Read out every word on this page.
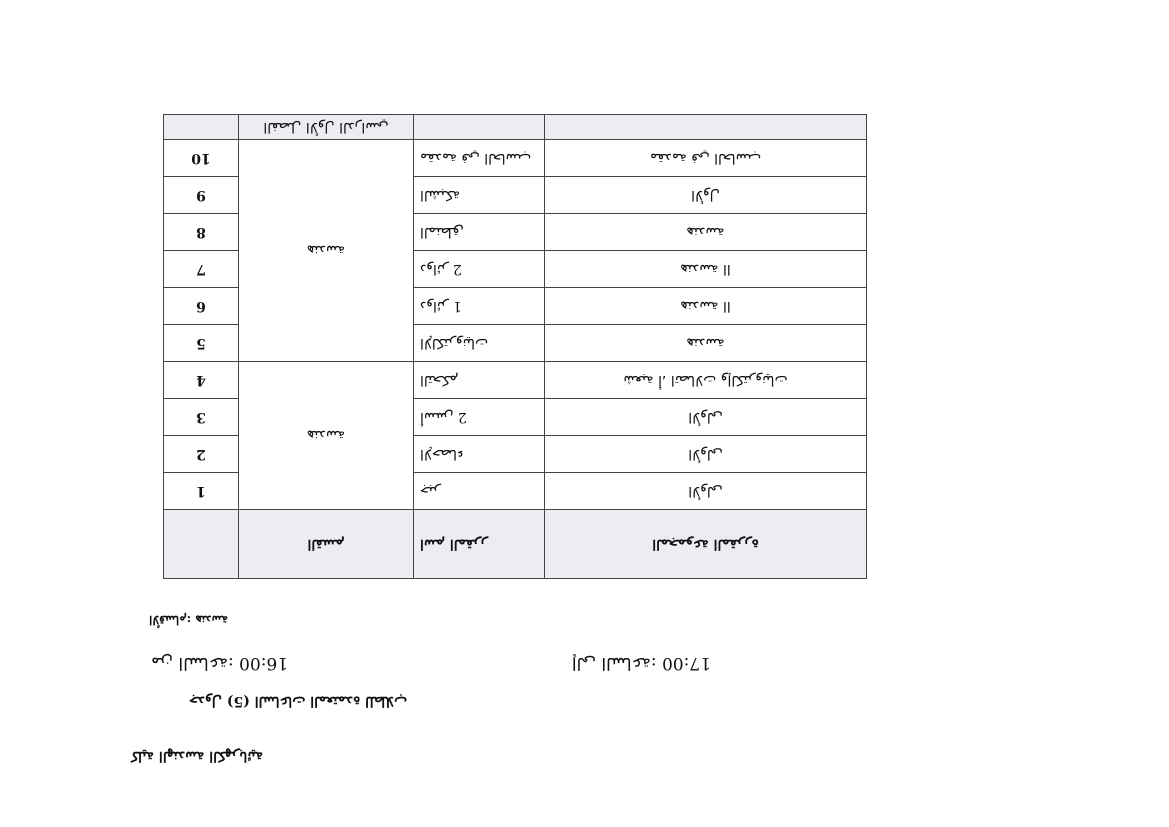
كلية الهندسة الكهربائية
جدول (5) الساعات المعتمدة للطلاب
من الساعة: 16:00	إلى الساعة: 17:00
الأقسام: هندسة
	القسم	اسم المقرر	المجموعة المقررة
1	هندسة	جبر	الأولى
2		الإحصاء	الأولى
3		أسس 2	الأولى
4		التحكم	شعبة أ، اتصالات وإلكترونيات
5	هندسة	الإلكترونيات	هندسة
6		دوائر 1	هندسة اا
7		دوائر 2	هندسة اا
8		المنطق	هندسة
9		الشبكة	الأول
10		مقدمة في الحاسب	مقدمة في الحاسب
	الفصل الأول الدراسي		
